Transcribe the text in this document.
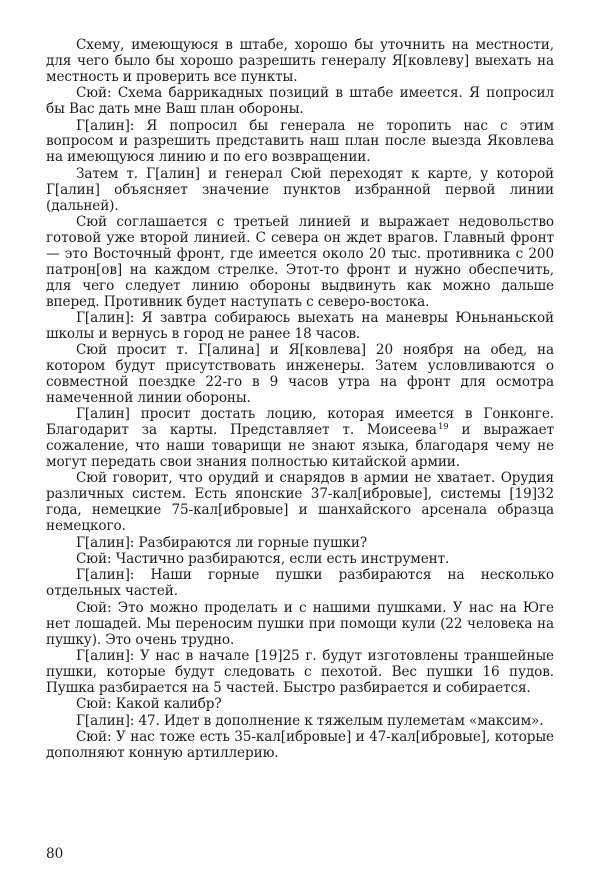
Схему, имеющуюся в штабе, хорошо бы уточнить на местности, для чего было бы хорошо разрешить генералу Я[ковлеву] выехать на местность и проверить все пункты.

Сюй: Схема баррикадных позиций в штабе имеется. Я попросил бы Вас дать мне Ваш план обороны.

Г[алин]: Я попросил бы генерала не торопить нас с этим вопросом и разрешить представить наш план после выезда Яковлева на имеющуюся линию и по его возвращении.

Затем т. Г[алин] и генерал Сюй переходят к карте, у которой Г[алин] объясняет значение пунктов избранной первой линии (дальней).

Сюй соглашается с третьей линией и выражает недовольство готовой уже второй линией. С севера он ждет врагов. Главный фронт — это Восточный фронт, где имеется около 20 тыс. противника с 200 патрон[ов] на каждом стрелке. Этот-то фронт и нужно обеспечить, для чего следует линию обороны выдвинуть как можно дальше вперед. Противник будет наступать с северо-востока.

Г[алин]: Я завтра собираюсь выехать на маневры Юньнаньской школы и вернусь в город не ранее 18 часов.

Сюй просит т. Г[алина] и Я[ковлева] 20 ноября на обед, на котором будут присутствовать инженеры. Затем условливаются о совместной поездке 22-го в 9 часов утра на фронт для осмотра намеченной линии обороны.

Г[алин] просит достать лоцию, которая имеется в Гонконге. Благодарит за карты. Представляет т. Моисеева $^{19}$ и выражает сожаление, что наши товарищи не знают языка, благодаря чему не могут передать свои знания полностью китайской армии.

Сюй говорит, что орудий и снарядов в армии не хватает. Орудия различных систем. Есть японские 37-кал[ибровые], системы [19]32 года, немецкие 75-кал[ибровые] и шанхайского арсенала образца немецкого.

Г[алин]: Разбираются ли горные пушки?

Сюй: Частично разбираются, если есть инструмент.

Г[алин]: Наши горные пушки разбираются на несколько отдельных частей.

Сюй: Это можно проделать и с нашими пушками. У нас на Юге нет лошадей. Мы переносим пушки при помощи кули (22 человека на пушку). Это очень трудно.

Г[алин]: У нас в начале [19]25 г. будут изготовлены траншейные пушки, которые будут следовать с пехотой. Вес пушки 16 пудов. Пушка разбирается на 5 частей. Быстро разбирается и собирается.

Сюй: Какой калибр?

Г[алин]: 47. Идет в дополнение к тяжелым пулеметам «максим».

Сюй: У нас тоже есть 35-кал[ибровые] и 47-кал[ибровые], которые дополняют конную артиллерию.

80
